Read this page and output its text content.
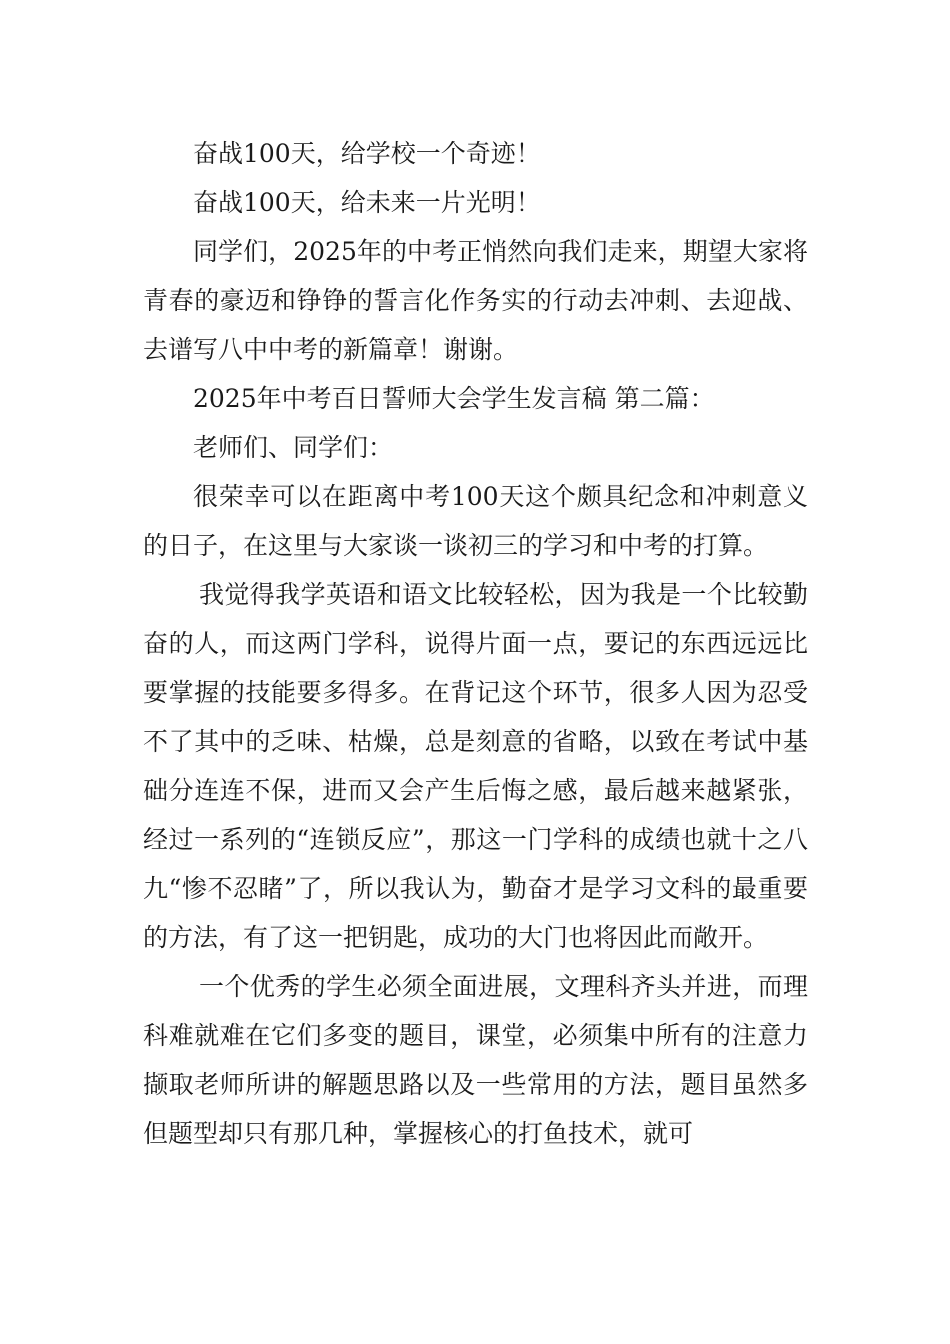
奋战100天，给学校一个奇迹！

奋战100天，给未来一片光明！

同学们，2025年的中考正悄然向我们走来，期望大家将青春的豪迈和铮铮的誓言化作务实的行动去冲刺、去迎战、去谱写八中中考的新篇章！谢谢。

2025年中考百日誓师大会学生发言稿 第二篇：

老师们、同学们：

很荣幸可以在距离中考100天这个颇具纪念和冲刺意义的日子，在这里与大家谈一谈初三的学习和中考的打算。

我觉得我学英语和语文比较轻松，因为我是一个比较勤奋的人，而这两门学科，说得片面一点，要记的东西远远比要掌握的技能要多得多。在背记这个环节，很多人因为忍受不了其中的乏味、枯燥，总是刻意的省略，以致在考试中基础分连连不保，进而又会产生后悔之感，最后越来越紧张，经过一系列的“连锁反应”，那这一门学科的成绩也就十之八九“惨不忍睹”了，所以我认为，勤奋才是学习文科的最重要的方法，有了这一把钥匙，成功的大门也将因此而敞开。

一个优秀的学生必须全面进展，文理科齐头并进，而理科难就难在它们多变的题目，课堂，必须集中所有的注意力撷取老师所讲的解题思路以及一些常用的方法，题目虽然多但题型却只有那几种，掌握核心的打鱼技术，就可
